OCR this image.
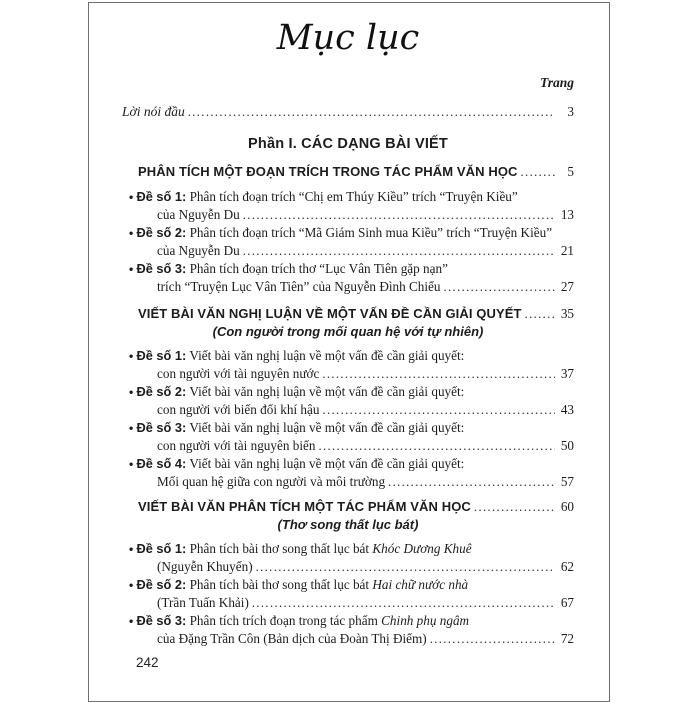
Mục lục
Trang
Lời nói đầu .....	3
Phần I. CÁC DẠNG BÀI VIẾT
PHÂN TÍCH MỘT ĐOẠN TRÍCH TRONG TÁC PHẨM VĂN HỌC .....	5
• Đề số 1: Phân tích đoạn trích “Chị em Thúy Kiều” trích “Truyện Kiều”
của Nguyễn Du .....	13
• Đề số 2: Phân tích đoạn trích “Mã Giám Sinh mua Kiều” trích “Truyện Kiều”
của Nguyễn Du .....	21
• Đề số 3: Phân tích đoạn trích thơ “Lục Vân Tiên gặp nạn”
trích “Truyện Lục Vân Tiên” của Nguyễn Đình Chiểu .....	27
VIẾT BÀI VĂN NGHỊ LUẬN VỀ MỘT VẤN ĐỀ CẦN GIẢI QUYẾT .....	35
(Con người trong mối quan hệ với tự nhiên)
• Đề số 1: Viết bài văn nghị luận về một vấn đề cần giải quyết:
con người với tài nguyên nước .....	37
• Đề số 2: Viết bài văn nghị luận về một vấn đề cần giải quyết:
con người với biến đổi khí hậu .....	43
• Đề số 3: Viết bài văn nghị luận về một vấn đề cần giải quyết:
con người với tài nguyên biển .....	50
• Đề số 4: Viết bài văn nghị luận về một vấn đề cần giải quyết:
Mối quan hệ giữa con người và môi trường .....	57
VIẾT BÀI VĂN PHÂN TÍCH MỘT TÁC PHẨM VĂN HỌC .....	60
(Thơ song thất lục bát)
• Đề số 1: Phân tích bài thơ song thất lục bát Khóc Dương Khuê
(Nguyễn Khuyến) .....	62
• Đề số 2: Phân tích bài thơ song thất lục bát Hai chữ nước nhà
(Trần Tuấn Khải) .....	67
• Đề số 3: Phân tích trích đoạn trong tác phẩm Chinh phụ ngâm
của Đặng Trần Côn (Bản dịch của Đoàn Thị Điểm) .....	72
242
